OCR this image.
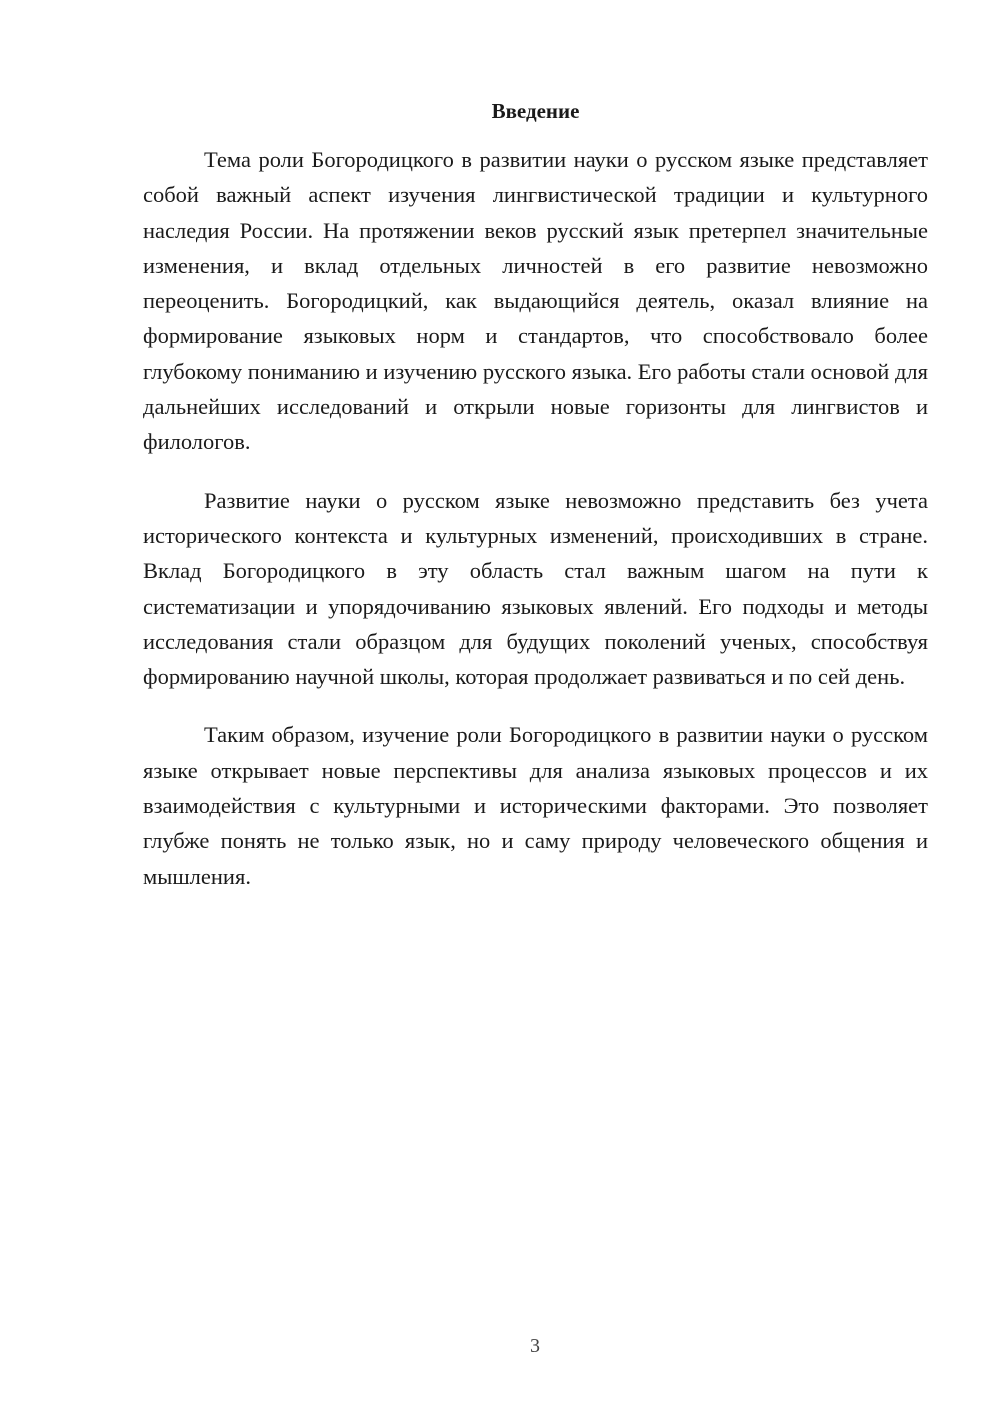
Введение

Тема роли Богородицкого в развитии науки о русском языке представляет собой важный аспект изучения лингвистической традиции и культурного наследия России. На протяжении веков русский язык претерпел значительные изменения, и вклад отдельных личностей в его развитие невозможно переоценить. Богородицкий, как выдающийся деятель, оказал влияние на формирование языковых норм и стандартов, что способствовало более глубокому пониманию и изучению русского языка. Его работы стали основой для дальнейших исследований и открыли новые горизонты для лингвистов и филологов.

Развитие науки о русском языке невозможно представить без учета исторического контекста и культурных изменений, происходивших в стране. Вклад Богородицкого в эту область стал важным шагом на пути к систематизации и упорядочиванию языковых явлений. Его подходы и методы исследования стали образцом для будущих поколений ученых, способствуя формированию научной школы, которая продолжает развиваться и по сей день.

Таким образом, изучение роли Богородицкого в развитии науки о русском языке открывает новые перспективы для анализа языковых процессов и их взаимодействия с культурными и историческими факторами. Это позволяет глубже понять не только язык, но и саму природу человеческого общения и мышления.

3
